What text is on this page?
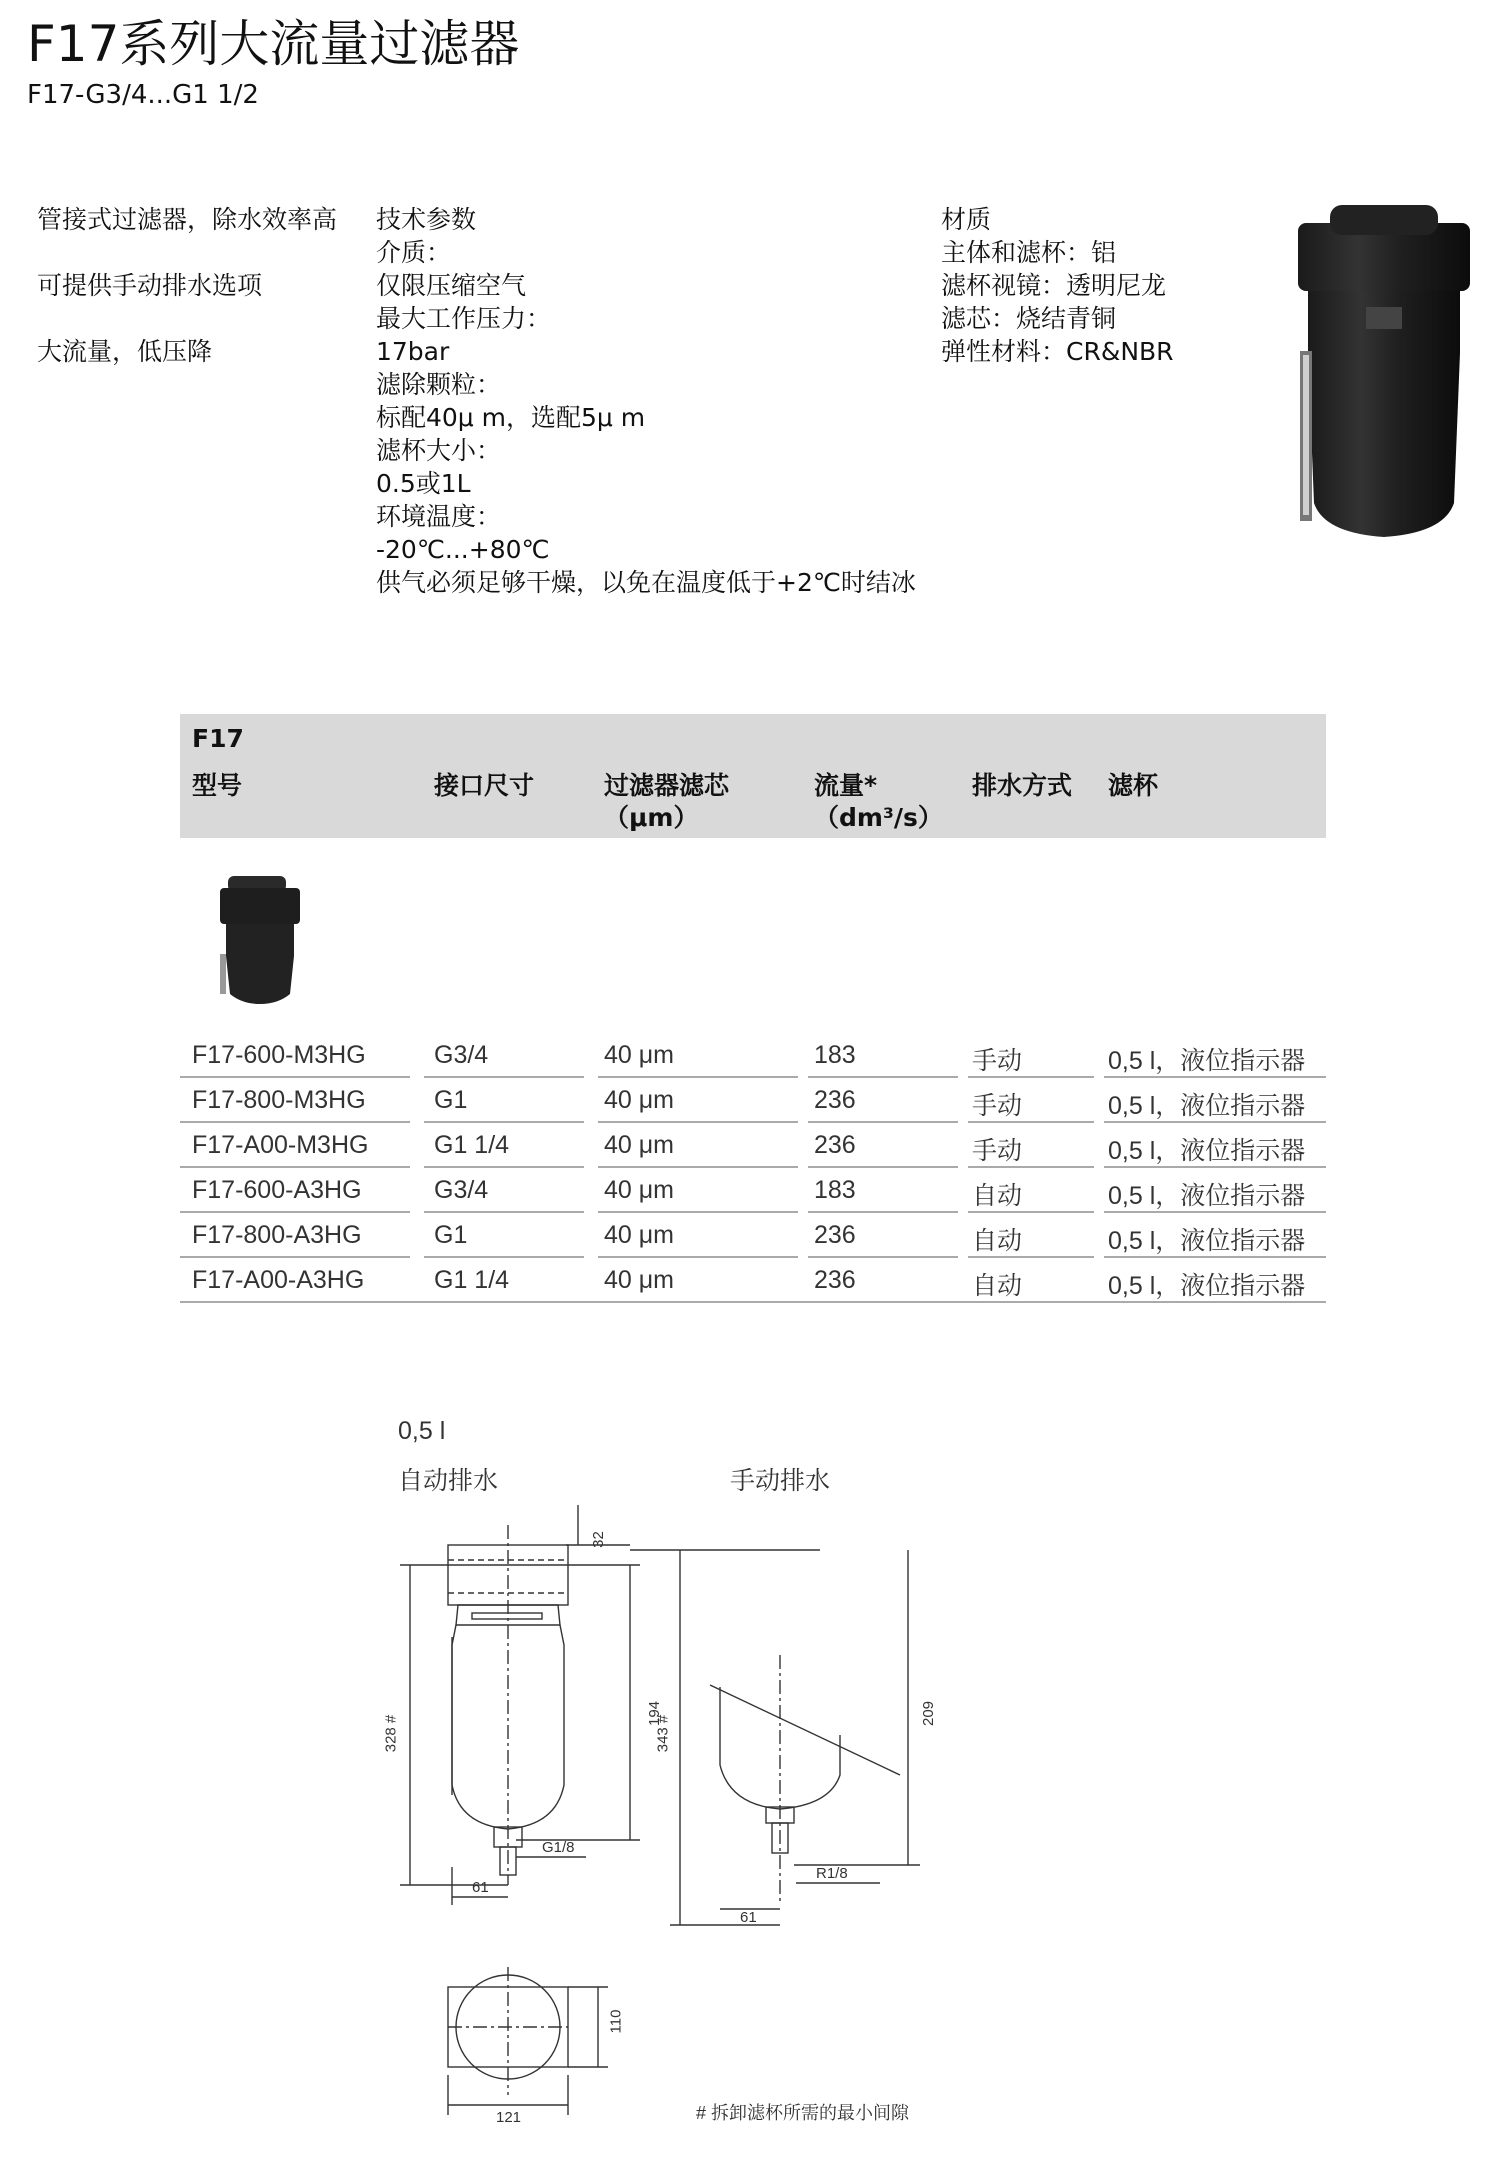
F17系列大流量过滤器
F17-G3/4...G1 1/2
管接式过滤器，除水效率高
可提供手动排水选项
大流量，低压降
技术参数
介质：
仅限压缩空气
最大工作压力：
17bar
滤除颗粒：
标配40μ m，选配5μ m
滤杯大小：
0.5或1L
环境温度：
-20℃...+80℃
供气必须足够干燥，以免在温度低于+2℃时结冰
材质
主体和滤杯：铝
滤杯视镜：透明尼龙
滤芯：烧结青铜
弹性材料：CR&NBR
F17
型号	接口尺寸	过滤器滤芯
（μm）
流量*
（dm³/s）
排水方式 滤杯
F17-600-M3HG	G3/4	40 μm	183	手动	0,5 l，液位指示器
F17-800-M3HG	G1	40 μm	236	手动	0,5 l，液位指示器
F17-A00-M3HG	G1 1/4	40 μm	236	手动	0,5 l，液位指示器
F17-600-A3HG	G3/4	40 μm	183	自动	0,5 l，液位指示器
F17-800-A3HG	G1	40 μm	236	自动	0,5 l，液位指示器
F17-A00-A3HG	G1 1/4	40 μm	236	自动	0,5 l，液位指示器
0,5 l
自动排水	手动排水
32
328 #
194
343 #
209
61
G1/8
61
R1/8
110
121	# 拆卸滤杯所需的最小间隙
